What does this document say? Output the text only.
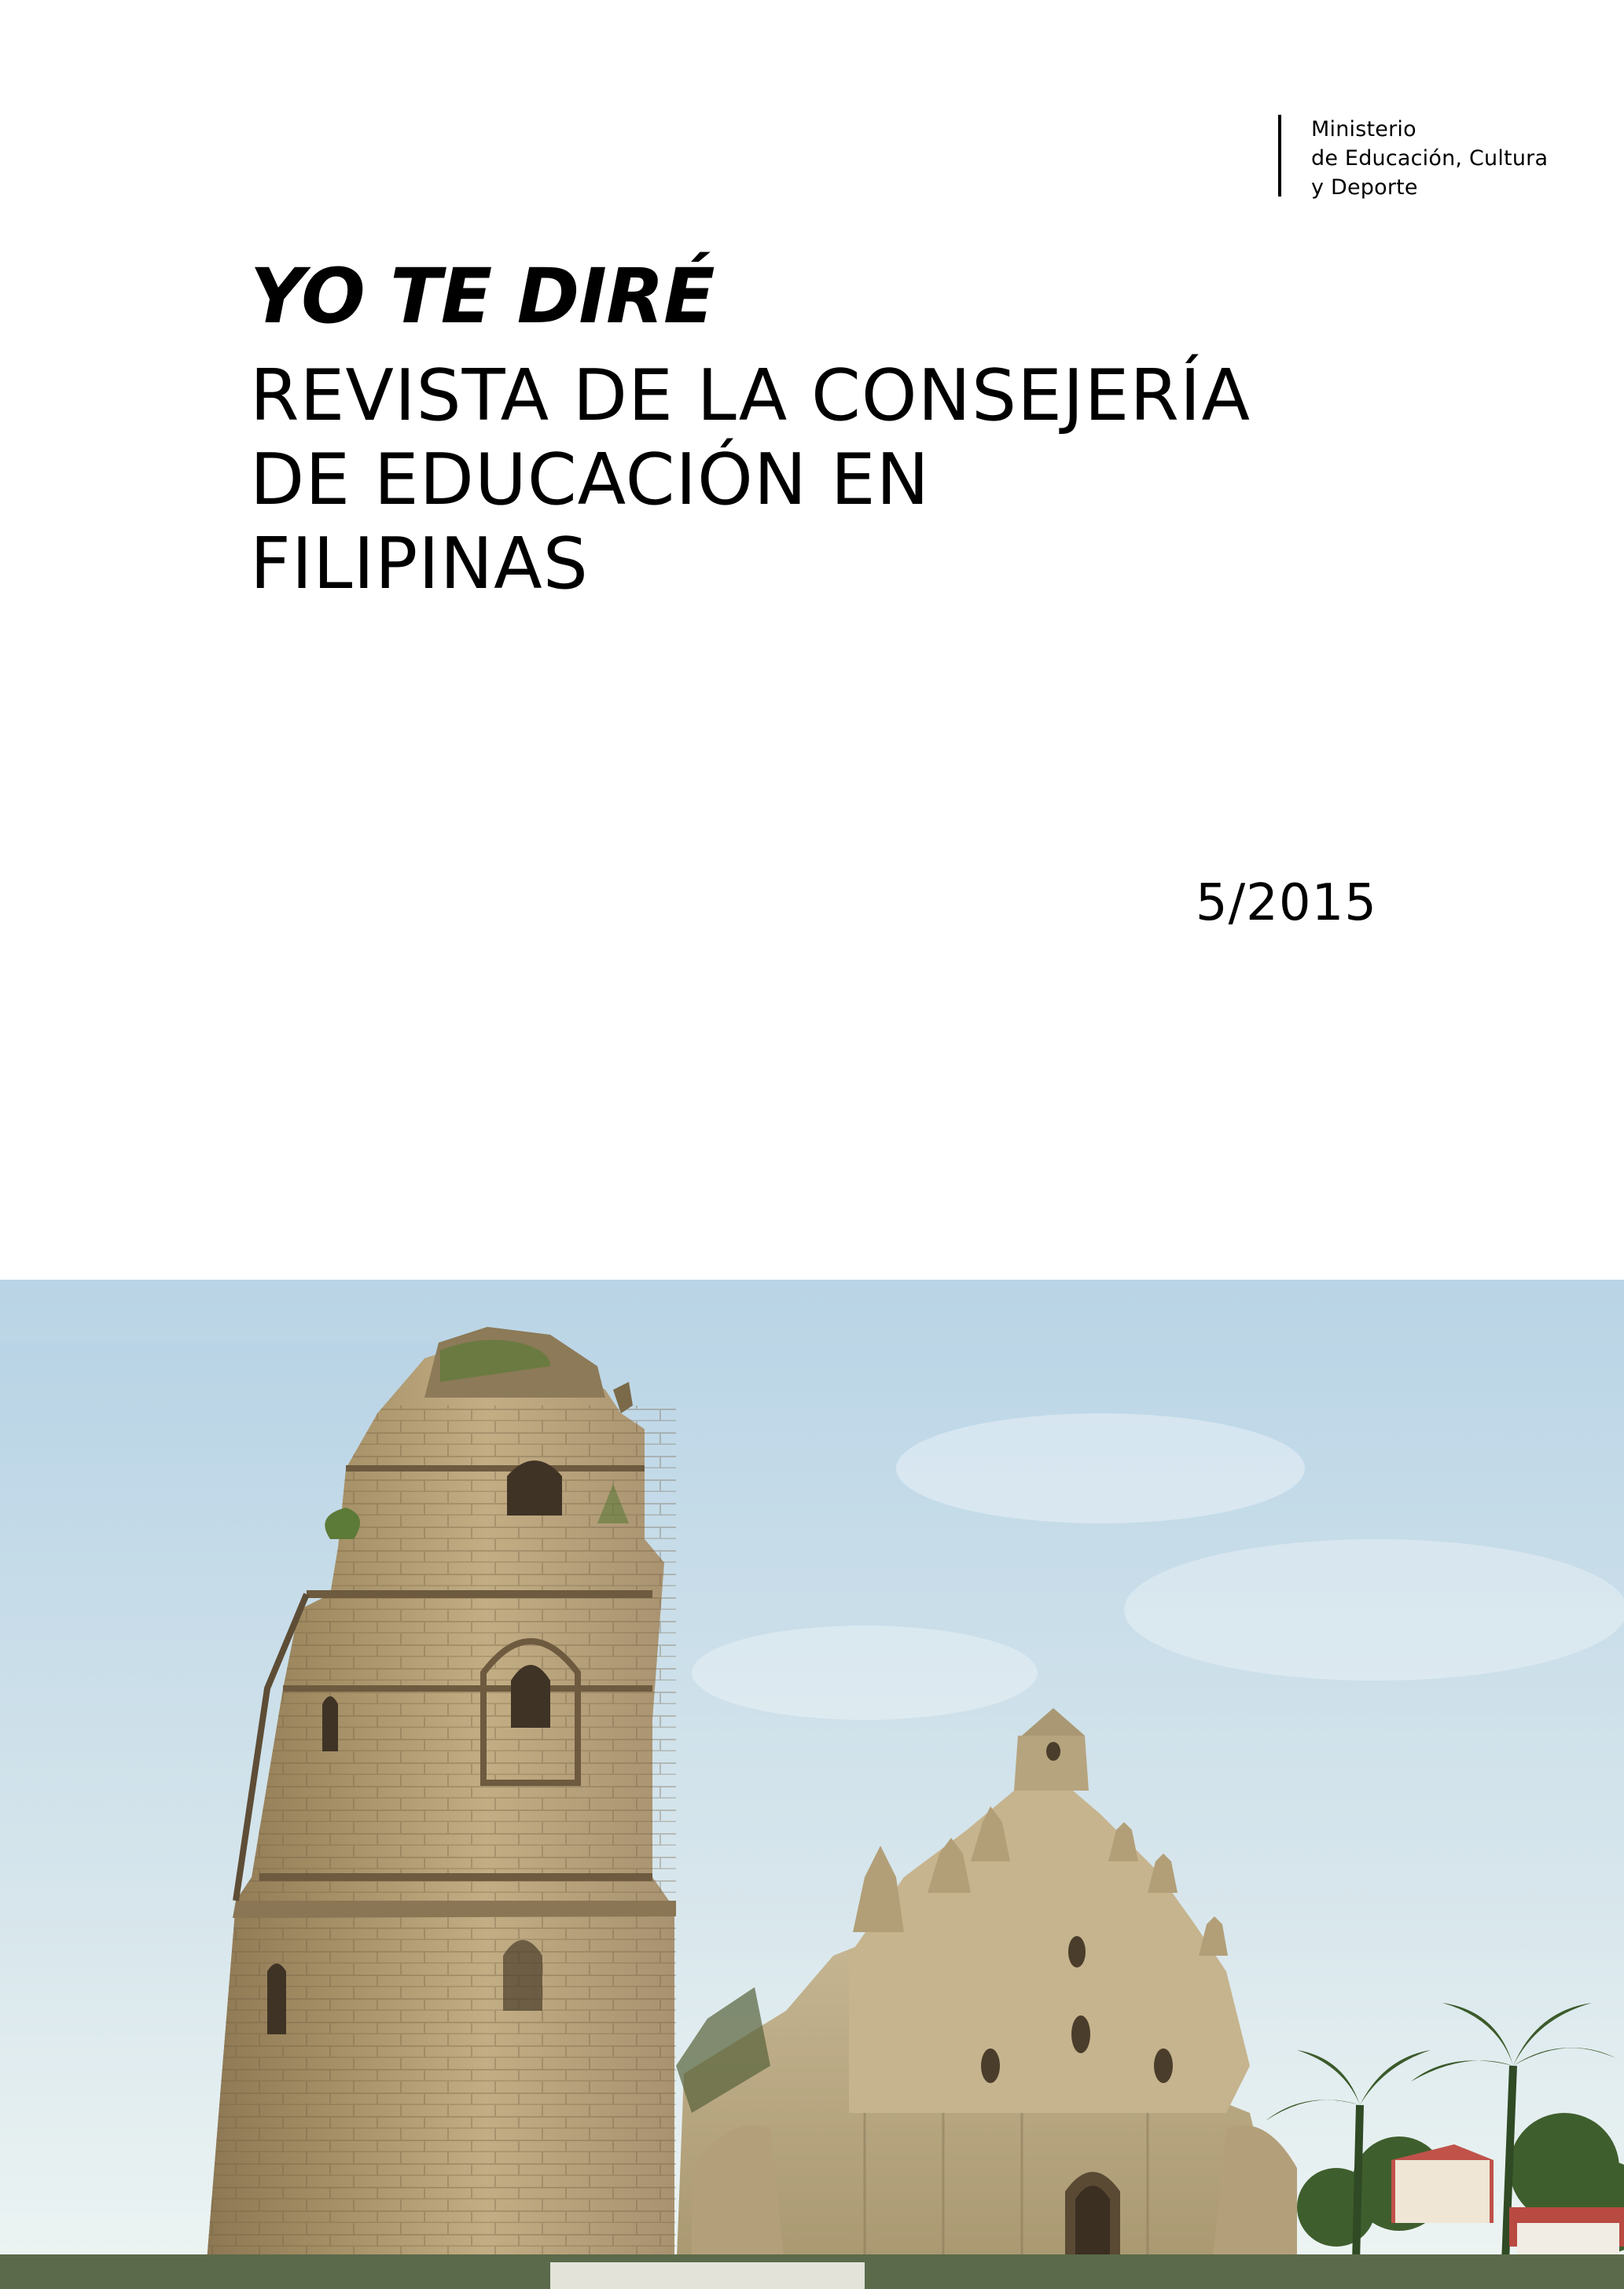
Ministerio
de Educación, Cultura
y Deporte
YO TE DIRÉ
REVISTA DE LA CONSEJERÍA
DE EDUCACIÓN EN
FILIPINAS
5/2015
